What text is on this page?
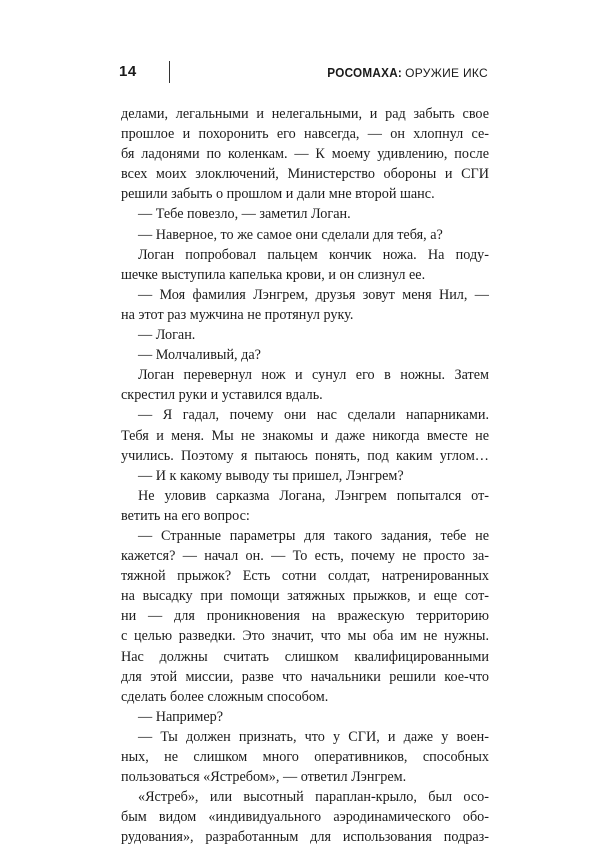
14	РОСОМАХА: ОРУЖИЕ ИКС
делами, легальными и нелегальными, и рад забыть свое
прошлое и похоронить его навсегда, — он хлопнул се-
бя ладонями по коленкам. — К моему удивлению, после
всех моих злоключений, Министерство обороны и СГИ
решили забыть о прошлом и дали мне второй шанс.
— Тебе повезло, — заметил Логан.
— Наверное, то же самое они сделали для тебя, а?
Логан попробовал пальцем кончик ножа. На поду-
шечке выступила капелька крови, и он слизнул ее.
— Моя фамилия Лэнгрем, друзья зовут меня Нил, —
на этот раз мужчина не протянул руку.
— Логан.
— Молчаливый, да?
Логан перевернул нож и сунул его в ножны. Затем
скрестил руки и уставился вдаль.
— Я гадал, почему они нас сделали напарниками.
Тебя и меня. Мы не знакомы и даже никогда вместе не
учились. Поэтому я пытаюсь понять, под каким углом…
— И к какому выводу ты пришел, Лэнгрем?
Не уловив сарказма Логана, Лэнгрем попытался от-
ветить на его вопрос:
— Странные параметры для такого задания, тебе не
кажется? — начал он. — То есть, почему не просто за-
тяжной прыжок? Есть сотни солдат, натренированных
на высадку при помощи затяжных прыжков, и еще сот-
ни — для проникновения на вражескую территорию
с целью разведки. Это значит, что мы оба им не нужны.
Нас должны считать слишком квалифицированными
для этой миссии, разве что начальники решили кое-что
сделать более сложным способом.
— Например?
— Ты должен признать, что у СГИ, и даже у воен-
ных, не слишком много оперативников, способных
пользоваться «Ястребом», — ответил Лэнгрем.
«Ястреб», или высотный парaплан-крыло, был осо-
бым видом «индивидуального аэродинамического обо-
рудования», разработанным для использования подраз-
